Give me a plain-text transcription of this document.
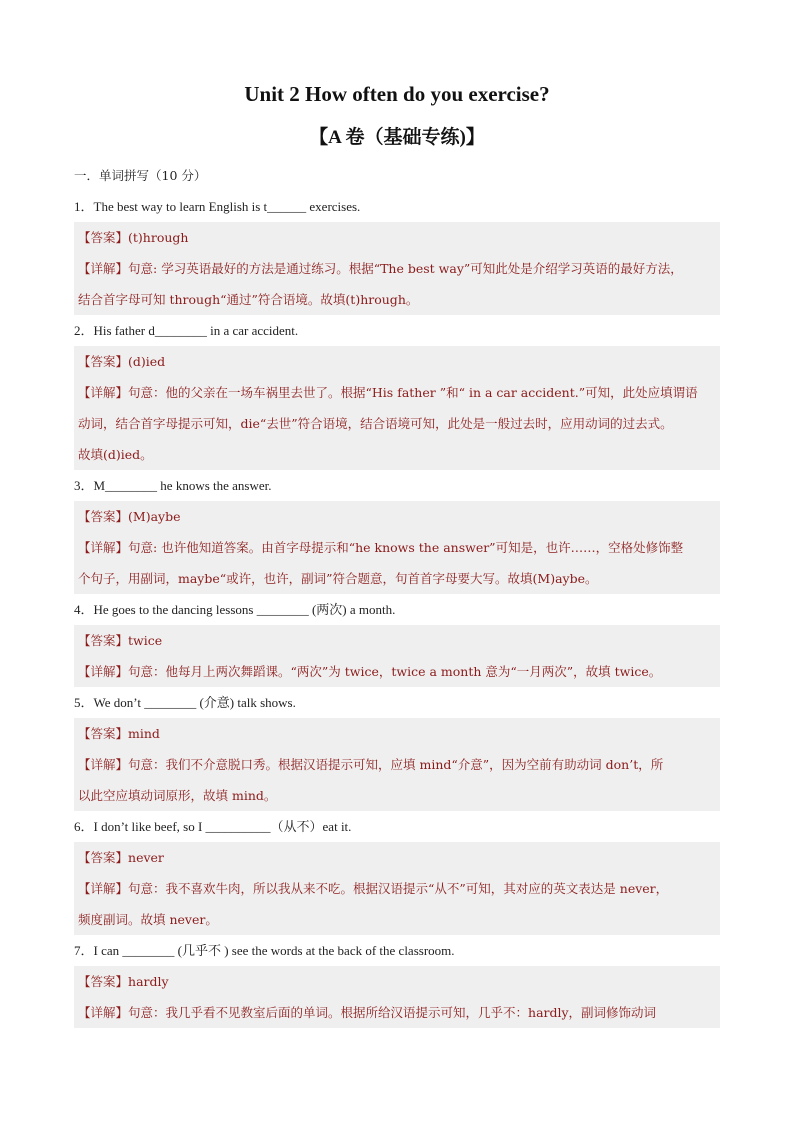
Unit 2 How often do you exercise?
【A 卷（基础专练)】
一．单词拼写（10 分）
1．The best way to learn English is t______ exercises.
【答案】(t)hrough
【详解】句意: 学习英语最好的方法是通过练习。根据“The best way”可知此处是介绍学习英语的最好方法，
结合首字母可知 through“通过”符合语境。故填(t)hrough。
2．His father d________ in a car accident.
【答案】(d)ied
【详解】句意：他的父亲在一场车祸里去世了。根据“His father ”和“ in a car accident.”可知，此处应填谓语
动词，结合首字母提示可知，die“去世”符合语境，结合语境可知，此处是一般过去时，应用动词的过去式。
故填(d)ied。
3．M________ he knows the answer.
【答案】(M)aybe
【详解】句意: 也许他知道答案。由首字母提示和“he knows the answer”可知是，也许……，空格处修饰整
个句子，用副词，maybe“或许，也许，副词”符合题意，句首首字母要大写。故填(M)aybe。
4．He goes to the dancing lessons ________ (两次) a month.
【答案】twice
【详解】句意：他每月上两次舞蹈课。“两次”为 twice，twice a month 意为“一月两次”，故填 twice。
5．We don’t ________ (介意) talk shows.
【答案】mind
【详解】句意：我们不介意脱口秀。根据汉语提示可知，应填 mind“介意”，因为空前有助动词 don’t，所
以此空应填动词原形，故填 mind。
6．I don’t like beef, so I __________（从不）eat it.
【答案】never
【详解】句意：我不喜欢牛肉，所以我从来不吃。根据汉语提示“从不”可知，其对应的英文表达是 never，
频度副词。故填 never。
7．I can ________ (几乎不 ) see the words at the back of the classroom.
【答案】hardly
【详解】句意：我几乎看不见教室后面的单词。根据所给汉语提示可知，几乎不：hardly，副词修饰动词
